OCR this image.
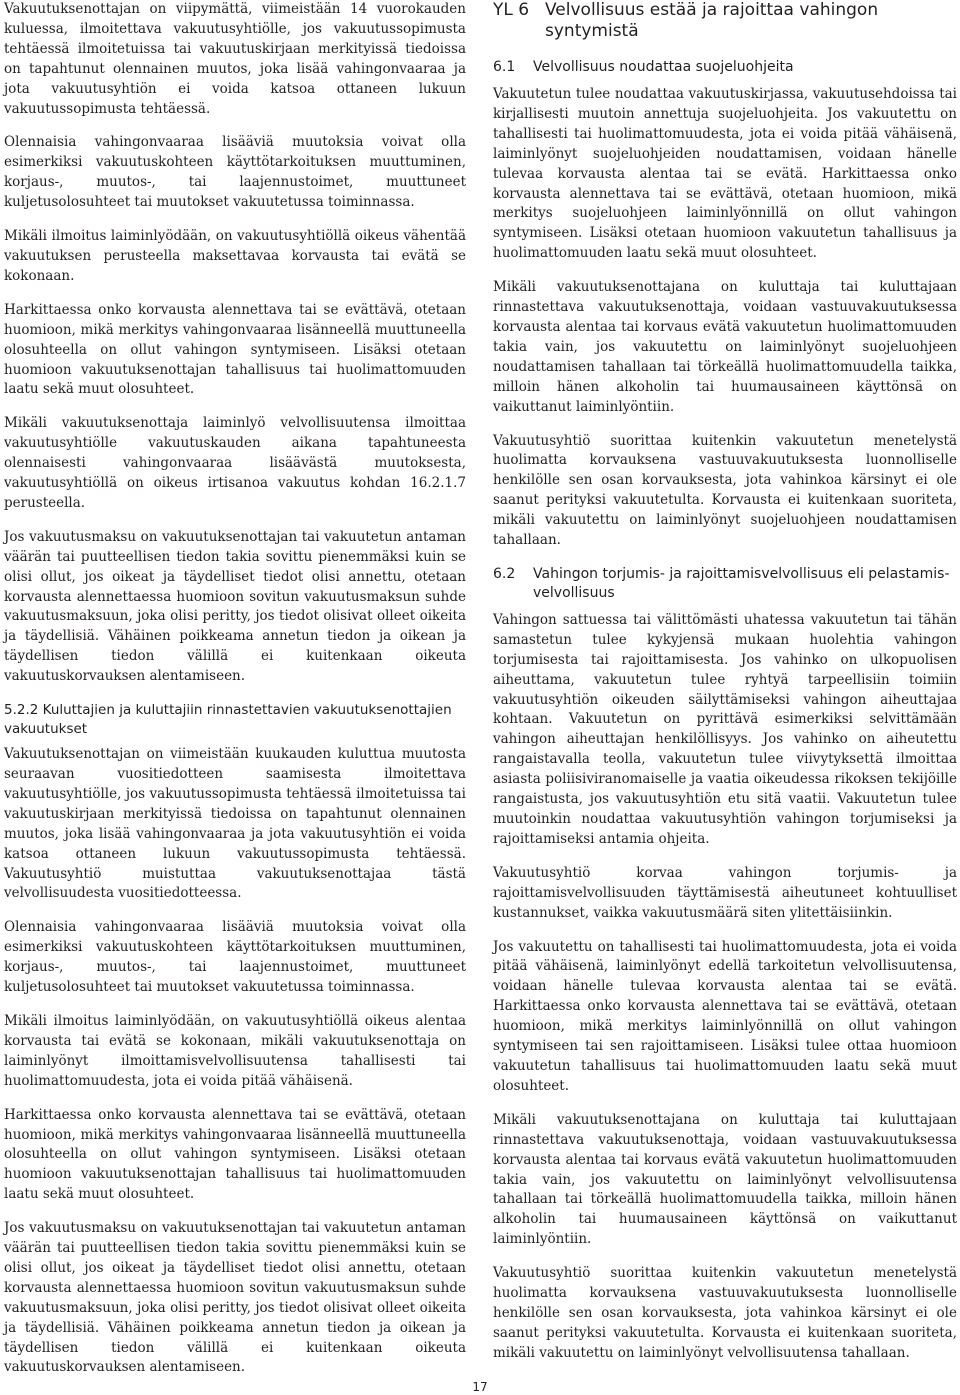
Vakuutuksenottajan on viipymättä, viimeistään 14 vuorokauden kuluessa, ilmoitettava vakuutusyhtiölle, jos vakuutussopimusta tehtäessä ilmoitetuissa tai vakuutuskirjaan merkityissä tiedoissa on tapahtunut olennainen muutos, joka lisää vahingonvaaraa ja jota vakuutusyhtiön ei voida katsoa ottaneen lukuun vakuutussopimusta tehtäessä.

Olennaisia vahingonvaaraa lisääviä muutoksia voivat olla esimerkiksi vakuutuskohteen käyttötarkoituksen muuttuminen, korjaus-, muutos-, tai laajennustoimet, muuttuneet kuljetusolosuhteet tai muutokset vakuutetussa toiminnassa.

Mikäli ilmoitus laiminlyödään, on vakuutusyhtiöllä oikeus vähentää vakuutuksen perusteella maksettavaa korvausta tai evätä se kokonaan.

Harkittaessa onko korvausta alennettava tai se evättävä, otetaan huomioon, mikä merkitys vahingonvaaraa lisänneellä muuttuneella olosuhteella on ollut vahingon syntymiseen. Lisäksi otetaan huomioon vakuutuksenottajan tahallisuus tai huolimattomuuden laatu sekä muut olosuhteet.

Mikäli vakuutuksenottaja laiminlyö velvollisuutensa ilmoittaa vakuutusyhtiölle vakuutuskauden aikana tapahtuneesta olennaisesti vahingonvaaraa lisäävästä muutoksesta, vakuutusyhtiöllä on oikeus irtisanoa vakuutus kohdan 16.2.1.7 perusteella.

Jos vakuutusmaksu on vakuutuksenottajan tai vakuutetun antaman väärän tai puutteellisen tiedon takia sovittu pienemmäksi kuin se olisi ollut, jos oikeat ja täydelliset tiedot olisi annettu, otetaan korvausta alennettaessa huomioon sovitun vakuutusmaksun suhde vakuutusmaksuun, joka olisi peritty, jos tiedot olisivat olleet oikeita ja täydellisiä. Vähäinen poikkeama annetun tiedon ja oikean ja täydellisen tiedon välillä ei kuitenkaan oikeuta vakuutuskorvauksen alentamiseen.

5.2.2 Kuluttajien ja kuluttajiin rinnastettavien vakuutuksenottajien vakuutukset

Vakuutuksenottajan on viimeistään kuukauden kuluttua muutosta seuraavan vuositiedotteen saamisesta ilmoitettava vakuutusyhtiölle, jos vakuutussopimusta tehtäessä ilmoitetuissa tai vakuutuskirjaan merkityissä tiedoissa on tapahtunut olennainen muutos, joka lisää vahingonvaaraa ja jota vakuutusyhtiön ei voida katsoa ottaneen lukuun vakuutussopimusta tehtäessä. Vakuutusyhtiö muistuttaa vakuutuksenottajaa tästä velvollisuudesta vuositiedotteessa.

Olennaisia vahingonvaaraa lisääviä muutoksia voivat olla esimerkiksi vakuutuskohteen käyttötarkoituksen muuttuminen, korjaus-, muutos-, tai laajennustoimet, muuttuneet kuljetusolosuhteet tai muutokset vakuutetussa toiminnassa.

Mikäli ilmoitus laiminlyödään, on vakuutusyhtiöllä oikeus alentaa korvausta tai evätä se kokonaan, mikäli vakuutuksenottaja on laiminlyönyt ilmoittamisvelvollisuutensa tahallisesti tai huolimattomuudesta, jota ei voida pitää vähäisenä.

Harkittaessa onko korvausta alennettava tai se evättävä, otetaan huomioon, mikä merkitys vahingonvaaraa lisänneellä muuttuneella olosuhteella on ollut vahingon syntymiseen. Lisäksi otetaan huomioon vakuutuksenottajan tahallisuus tai huolimattomuuden laatu sekä muut olosuhteet.

Jos vakuutusmaksu on vakuutuksenottajan tai vakuutetun antaman väärän tai puutteellisen tiedon takia sovittu pienemmäksi kuin se olisi ollut, jos oikeat ja täydelliset tiedot olisi annettu, otetaan korvausta alennettaessa huomioon sovitun vakuutusmaksun suhde vakuutusmaksuun, joka olisi peritty, jos tiedot olisivat olleet oikeita ja täydellisiä. Vähäinen poikkeama annetun tiedon ja oikean ja täydellisen tiedon välillä ei kuitenkaan oikeuta vakuutuskorvauksen alentamiseen.

YL 6 Velvollisuus estää ja rajoittaa vahingon syntymistä
6.1	Velvollisuus noudattaa suojeluohjeita

Vakuutetun tulee noudattaa vakuutuskirjassa, vakuutusehdoissa tai kirjallisesti muutoin annettuja suojeluohjeita. Jos vakuutettu on tahallisesti tai huolimattomuudesta, jota ei voida pitää vähäisenä, laiminlyönyt suojeluohjeiden noudattamisen, voidaan hänelle tulevaa korvausta alentaa tai se evätä. Harkittaessa onko korvausta alennettava tai se evättävä, otetaan huomioon, mikä merkitys suojeluohjeen laiminlyönnillä on ollut vahingon syntymiseen. Lisäksi otetaan huomioon vakuutetun tahallisuus ja huolimattomuuden laatu sekä muut olosuhteet.

Mikäli vakuutuksenottajana on kuluttaja tai kuluttajaan rinnastettava vakuutuksenottaja, voidaan vastuuvakuutuksessa korvausta alentaa tai korvaus evätä vakuutetun huolimattomuuden takia vain, jos vakuutettu on laiminlyönyt suojeluohjeen noudattamisen tahallaan tai törkeällä huolimattomuudella taikka, milloin hänen alkoholin tai huumausaineen käyttönsä on vaikuttanut laiminlyöntiin.

Vakuutusyhtiö suorittaa kuitenkin vakuutetun menetelystä huolimatta korvauksena vastuuvakuutuksesta luonnolliselle henkilölle sen osan korvauksesta, jota vahinkoa kärsinyt ei ole saanut perityksi vakuutetulta. Korvausta ei kuitenkaan suoriteta, mikäli vakuutettu on laiminlyönyt suojeluohjeen noudattamisen tahallaan.

6.2	Vahingon torjumis- ja rajoittamisvelvollisuus eli pelastamis-velvollisuus

Vahingon sattuessa tai välittömästi uhatessa vakuutetun tai tähän samastetun tulee kykyjensä mukaan huolehtia vahingon torjumisesta tai rajoittamisesta. Jos vahinko on ulkopuolisen aiheuttama, vakuutetun tulee ryhtyä tarpeellisiin toimiin vakuutusyhtiön oikeuden säilyttämiseksi vahingon aiheuttajaa kohtaan. Vakuutetun on pyrittävä esimerkiksi selvittämään vahingon aiheuttajan henkilöllisyys. Jos vahinko on aiheutettu rangaistavalla teolla, vakuutetun tulee viivytyksettä ilmoittaa asiasta poliisiviranomaiselle ja vaatia oikeudessa rikoksen tekijöille rangaistusta, jos vakuutusyhtiön etu sitä vaatii. Vakuutetun tulee muutoinkin noudattaa vakuutusyhtiön vahingon torjumiseksi ja rajoittamiseksi antamia ohjeita.

Vakuutusyhtiö korvaa vahingon torjumis- ja rajoittamisvelvollisuuden täyttämisestä aiheutuneet kohtuulliset kustannukset, vaikka vakuutusmäärä siten ylitettäisiinkin.

Jos vakuutettu on tahallisesti tai huolimattomuudesta, jota ei voida pitää vähäisenä, laiminlyönyt edellä tarkoitetun velvollisuutensa, voidaan hänelle tulevaa korvausta alentaa tai se evätä. Harkittaessa onko korvausta alennettava tai se evättävä, otetaan huomioon, mikä merkitys laiminlyönnillä on ollut vahingon syntymiseen tai sen rajoittamiseen. Lisäksi tulee ottaa huomioon vakuutetun tahallisuus tai huolimattomuuden laatu sekä muut olosuhteet.

Mikäli vakuutuksenottajana on kuluttaja tai kuluttajaan rinnastettava vakuutuksenottaja, voidaan vastuuvakuutuksessa korvausta alentaa tai korvaus evätä vakuutetun huolimattomuuden takia vain, jos vakuutettu on laiminlyönyt velvollisuutensa tahallaan tai törkeällä huolimattomuudella taikka, milloin hänen alkoholin tai huumausaineen käyttönsä on vaikuttanut laiminlyöntiin.

Vakuutusyhtiö suorittaa kuitenkin vakuutetun menetelystä huolimatta korvauksena vastuuvakuutuksesta luonnolliselle henkilölle sen osan korvauksesta, jota vahinkoa kärsinyt ei ole saanut perityksi vakuutetulta. Korvausta ei kuitenkaan suoriteta, mikäli vakuutettu on laiminlyönyt velvollisuutensa tahallaan.

17
